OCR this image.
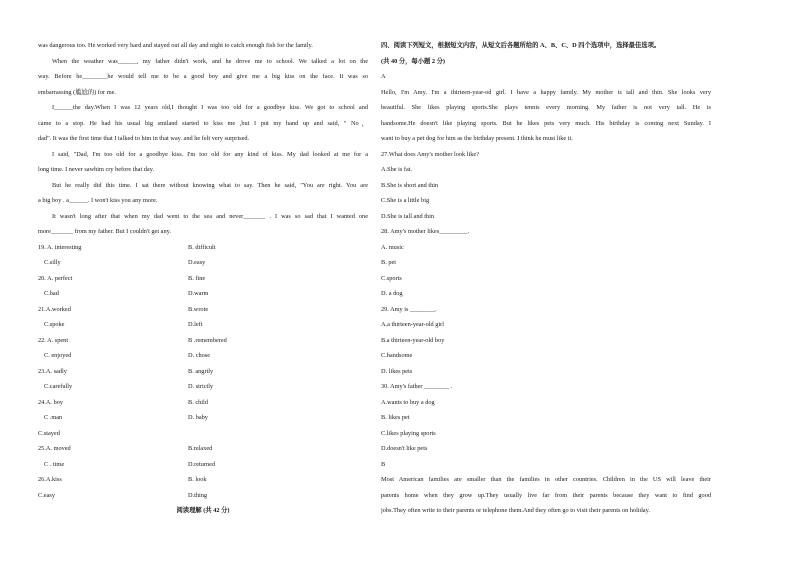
was dangerous too. He worked very hard and stayed out all day and night to catch enough fish for the family.
When the weather was______, my father didn't work, and he drove me to school. We talked a lot on the
way. Before he________he would tell me to be a good boy and give me a big kiss on the face. It was so
embarrassing (尴尬的) for me.
I______the day.When I was 12 years old,I thought I was too old for a goodbye kiss. We got to school and
came to a stop. He had his usual big smiland started to kiss me ,but I put my hand up and said, " No，
dad". It was the first time that I talked to him in that way. and he felt very surprised.
I said, "Dad, I'm too old for a goodbye kiss. I'm too old for any kind of kiss. My dad looked at me for a
long time. I never sawhim cry before that day.
But he really did this time. I sat there without knowing what to say. Then he said, "You are right. You are
a big boy . a______. I won't kiss you any more.
It wasn't long after that when my dad went to the sea and never_______ . I was so sad that I wanted one
more_______ from my father. But I couldn't get any.
19. A. interesting	B. difficult
C.silly	D.easy
20. A. perfect	B. fine
C.bad	D.warm
21.A.worked	B.wrote
C.spoke	D.left
22. A. spent	B .remembered
C. enjoyed	D. chose
23.A. sadly	B. angrily
C.carefully	D. strictly
24.A. boy	B. child
C .man	D. baby
C.stayed
25.A. moved	B.relaxed
C . time	D.returned
26.A.kiss	B. look
C.easy	D.thing
阅读理解 (共 42 分)
四、阅读下列短文，根据短文内容，从短文后各题所给的 A、B、C、D 四个选项中，选择最佳选项。
(共 40 分，每小题 2 分)
A
Hello, I'm Amy. I'm a thirteen-year-od girl. I have a happy family. My mother is tall and thin. She looks very
beautiful. She likes playing sports.She plays tennis every morning. My father is not very tall. He is
handsome.He doesn't like playing sports. But he likes pets very much. His birthday is coming next Sunday. I
want to buy a pet dog for him as the birthday present. I think he must like it.
27.What does Amy's mother look like?
A.She is fat.
B.She is short and thin
C.She is a little big
D.She is tall and thin
28. Amy's mother likes_________.
A. music
B. pet
C.sports
D. a dog
29. Amy is ________.
A.a thirteen-year-old girl
B.a thirteen-year-old boy
C.handsome
D. likes pets
30. Amy's father ________ .
A.wants to buy a dog
B. likes pet
C.likes playing sports
D.doesn't like pets
B
Most American families are smaller than the families in other countries. Children in the US will leave their
parents home when they grow up.They usually live far from their parents because they want to find good
jobs.They often write to their parents or telephone them.And they often go to visit their parents on holiday.
